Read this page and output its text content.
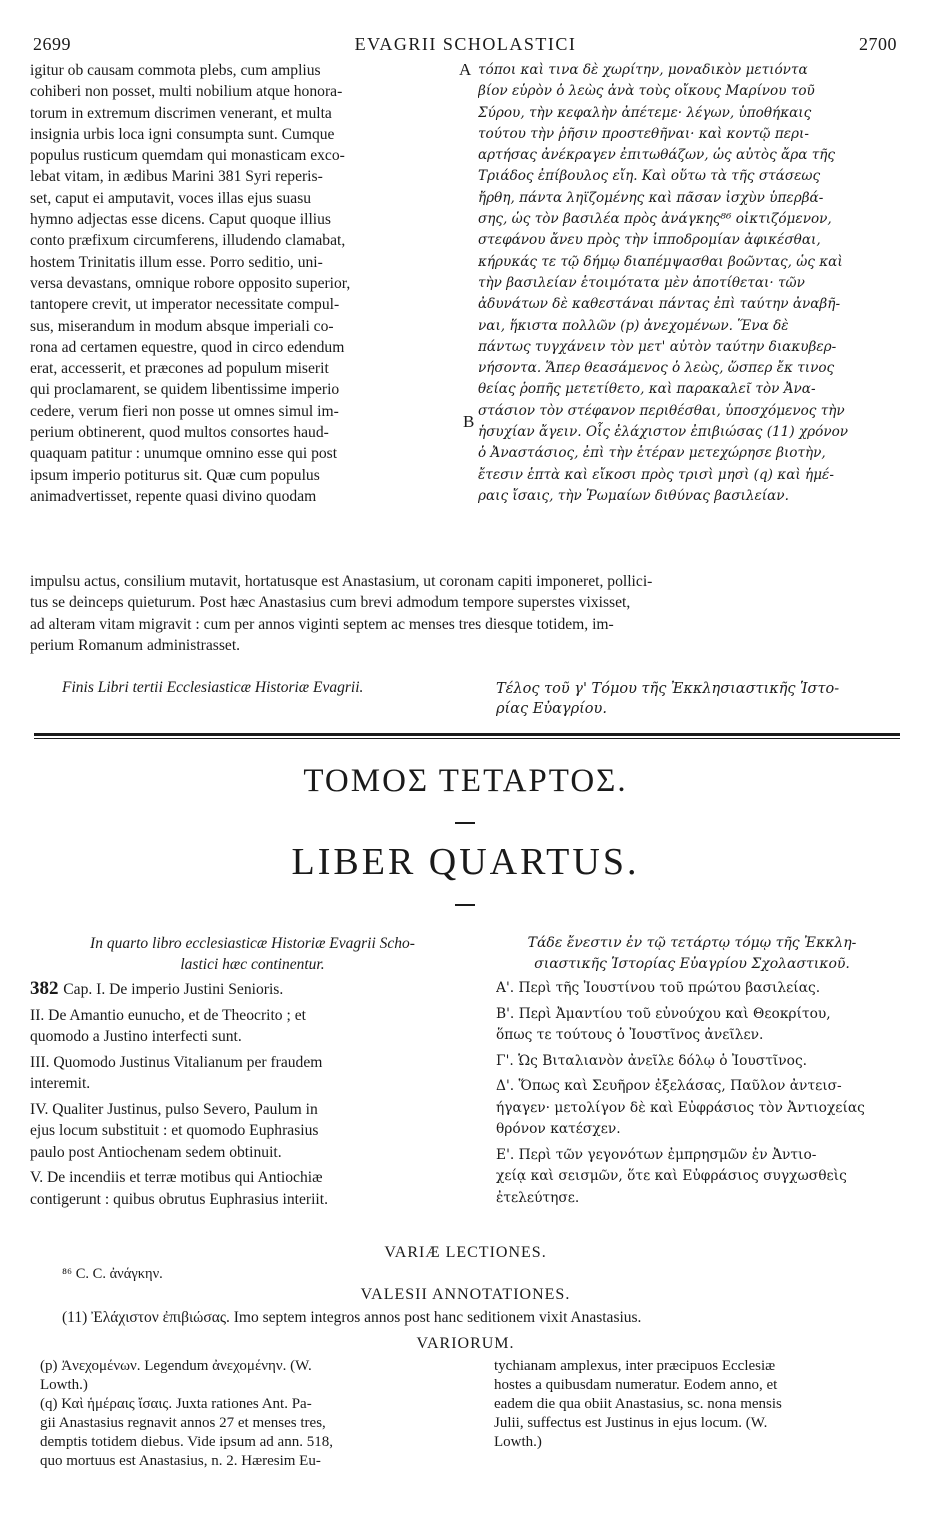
2699	EVAGRII SCHOLASTICI	2700
igitur ob causam commota plebs, cum amplius
cohiberi non posset, multi nobilium atque honora-
torum in extremum discrimen venerant, et multa
insignia urbis loca igni consumpta sunt. Cumque
populus rusticum quemdam qui monasticam exco-
lebat vitam, in ædibus Marini 381 Syri reperis-
set, caput ei amputavit, voces illas ejus suasu
hymno adjectas esse dicens. Caput quoque illius
conto præfixum circumferens, illudendo clamabat,
hostem Trinitatis illum esse. Porro seditio, uni-
versa devastans, omnique robore opposito superior,
tantopere crevit, ut imperator necessitate compul-
sus, miserandum in modum absque imperiali co-
rona ad certamen equestre, quod in circo edendum
erat, accesserit, et præcones ad populum miserit
qui proclamarent, se quidem libentissime imperio
cedere, verum fieri non posse ut omnes simul im-
perium obtinerent, quod multos consortes haud-
quaquam patitur : unumque omnino esse qui post
ipsum imperio potiturus sit. Quæ cum populus
animadvertisset, repente quasi divino quodam
A
B
τόποι καὶ τινα δὲ χωρίτην, μοναδικὸν μετιόντα
βίον εὑρὸν ὁ λεὼς ἀνὰ τοὺς οἴκους Μαρίνου τοῦ
Σύρου, τὴν κεφαλὴν ἀπέτεμε· λέγων, ὑποθήκαις
τούτου τὴν ῥῆσιν προστεθῆναι· καὶ κοντῷ περι-
αρτήσας ἀνέκραγεν ἐπιτωθάζων, ὡς αὐτὸς ἄρα τῆς
Τριάδος ἐπίβουλος εἴη. Καὶ οὕτω τὰ τῆς στάσεως
ἤρθη, πάντα ληϊζομένης καὶ πᾶσαν ἰσχὺν ὑπερβά-
σης, ὡς τὸν βασιλέα πρὸς ἀνάγκης⁸⁶ οἰκτιζόμενον,
στεφάνου ἄνευ πρὸς τὴν ἱπποδρομίαν ἀφικέσθαι,
κήρυκάς τε τῷ δήμῳ διαπέμψασθαι βοῶντας, ὡς καὶ
τὴν βασιλείαν ἑτοιμότατα μὲν ἀποτίθεται· τῶν
ἀδυνάτων δὲ καθεστάναι πάντας ἐπὶ ταύτην ἀναβῆ-
ναι, ἥκιστα πολλῶν (p) ἀνεχομένων. Ἕνα δὲ
πάντως τυγχάνειν τὸν μετ' αὐτὸν ταύτην διακυβερ-
νήσοντα. Ἅπερ θεασάμενος ὁ λεὼς, ὥσπερ ἔκ τινος
θείας ῥοπῆς μετετίθετο, καὶ παρακαλεῖ τὸν Ἀνα-
στάσιον τὸν στέφανον περιθέσθαι, ὑποσχόμενος τὴν
ἡσυχίαν ἄγειν. Οἷς ἐλάχιστον ἐπιβιώσας (11) χρόνον
ὁ Ἀναστάσιος, ἐπὶ τὴν ἑτέραν μετεχώρησε βιοτὴν,
ἔτεσιν ἑπτὰ καὶ εἴκοσι πρὸς τρισὶ μησὶ (q) καὶ ἡμέ-
ραις ἴσαις, τὴν Ῥωμαίων διθύνας βασιλείαν.
impulsu actus, consilium mutavit, hortatusque est Anastasium, ut coronam capiti imponeret, pollici-
tus se deinceps quieturum. Post hæc Anastasius cum brevi admodum tempore superstes vixisset,
ad alteram vitam migravit : cum per annos viginti septem ac menses tres diesque totidem, im-
perium Romanum administrasset.
Finis Libri tertii Ecclesiasticæ Historiæ Evagrii.	Τέλος τοῦ γ' Τόμου τῆς Ἐκκλησιαστικῆς Ἱστο-
ρίας Εὐαγρίου.
ΤΟΜΟΣ ΤΕΤΑΡΤΟΣ.
LIBER QUARTUS.
In quarto libro ecclesiasticæ Historiæ Evagrii Scho-
lastici hæc continentur.
Τάδε ἔνεστιν ἐν τῷ τετάρτῳ τόμῳ τῆς Ἐκκλη-
σιαστικῆς Ἱστορίας Εὐαγρίου Σχολαστικοῦ.
382 Cap. I. De imperio Justini Senioris.
II. De Amantio eunucho, et de Theocrito ; et
quomodo a Justino interfecti sunt.
III. Quomodo Justinus Vitalianum per fraudem
interemit.
IV. Qualiter Justinus, pulso Severo, Paulum in
ejus locum substituit : et quomodo Euphrasius
paulo post Antiochenam sedem obtinuit.
V. De incendiis et terræ motibus qui Antiochiæ
contigerunt : quibus obrutus Euphrasius interiit.
Α'. Περὶ τῆς Ἰουστίνου τοῦ πρώτου βασιλείας.
Β'. Περὶ Ἀμαντίου τοῦ εὐνούχου καὶ Θεοκρίτου,
ὅπως τε τούτους ὁ Ἰουστῖνος ἀνεῖλεν.
Γ'. Ὡς Βιταλιανὸν ἀνεῖλε δόλῳ ὁ Ἰουστῖνος.
Δ'. Ὅπως καὶ Σευῆρον ἐξελάσας, Παῦλον ἀντεισ-
ήγαγεν· μετολίγον δὲ καὶ Εὐφράσιος τὸν Ἀντιοχείας
θρόνον κατέσχεν.
Ε'. Περὶ τῶν γεγονότων ἐμπρησμῶν ἐν Ἀντιο-
χείᾳ καὶ σεισμῶν, ὅτε καὶ Εὐφράσιος συγχωσθεὶς
ἐτελεύτησε.
VARIÆ LECTIONES.
⁸⁶ C. C. ἀνάγκην.
VALESII ANNOTATIONES.
(11) Ἐλάχιστον ἐπιβιώσας. Imo septem integros annos post hanc seditionem vixit Anastasius.
VARIORUM.
(p) Ἀνεχομένων. Legendum ἀνεχομένην. (W.
Lowth.)
(q) Καὶ ἡμέραις ἴσαις. Juxta rationes Ant. Pa-
gii Anastasius regnavit annos 27 et menses tres,
demptis totidem diebus. Vide ipsum ad ann. 518,
quo mortuus est Anastasius, n. 2. Hæresim Eu-
tychianam amplexus, inter præcipuos Ecclesiæ
hostes a quibusdam numeratur. Eodem anno, et
eadem die qua obiit Anastasius, sc. nona mensis
Julii, suffectus est Justinus in ejus locum. (W.
Lowth.)
